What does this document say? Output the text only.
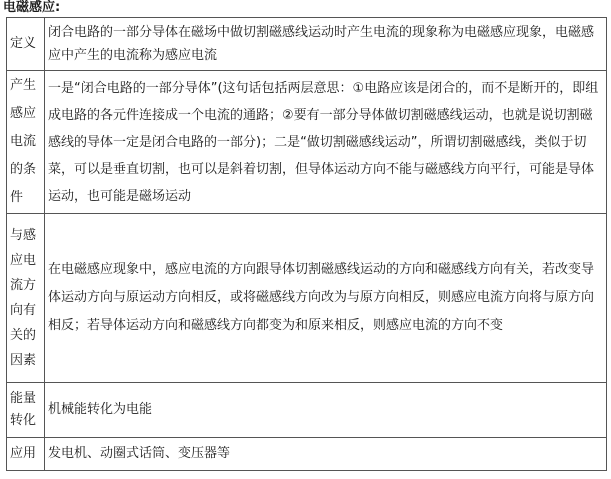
电磁感应:
定义	闭合电路的一部分导体在磁场中做切割磁感线运动时产生电流的现象称为电磁感应现象，电磁感应中产生的电流称为感应电流
产生感应电流的条件	一是“闭合电路的一部分导体”(这句话包括两层意思：①电路应该是闭合的，而不是断开的，即组成电路的各元件连接成一个电流的通路；②要有一部分导体做切割磁感线运动，也就是说切割磁感线的导体一定是闭合电路的一部分)；二是“做切割磁感线运动”，所谓切割磁感线，类似于切菜，可以是垂直切割，也可以是斜着切割，但导体运动方向不能与磁感线方向平行，可能是导体运动，也可能是磁场运动
与感应电流方向有关的因素	在电磁感应现象中，感应电流的方向跟导体切割磁感线运动的方向和磁感线方向有关，若改变导体运动方向与原运动方向相反，或将磁感线方向改为与原方向相反，则感应电流方向将与原方向相反；若导体运动方向和磁感线方向都变为和原来相反，则感应电流的方向不变
能量转化	机械能转化为电能
应用	发电机、动圈式话筒、变压器等
